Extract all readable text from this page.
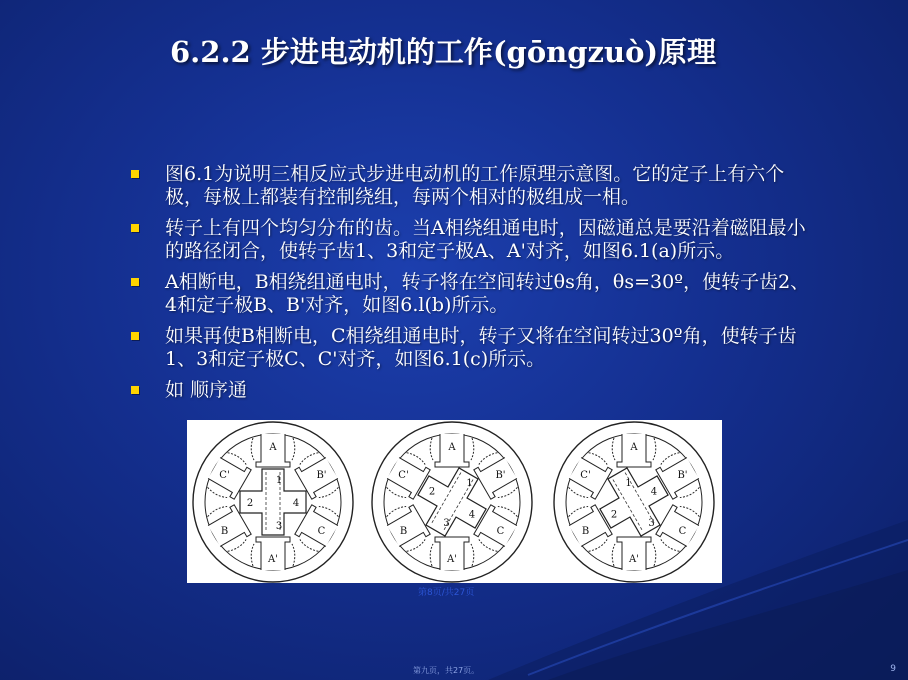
6.2.2 步进电动机的工作(gōngzuò)原理
图6.1为说明三相反应式步进电动机的工作原理示意图。它的定子上有六个极，每极上都装有控制绕组，每两个相对的极组成一相。
转子上有四个均匀分布的齿。当A相绕组通电时，因磁通总是要沿着磁阻最小的路径闭合，使转子齿1、3和定子极A、A'对齐，如图6.1(a)所示。
A相断电，B相绕组通电时，转子将在空间转过θs角，θs=30º，使转子齿2、4和定子极B、B'对齐，如图6.l(b)所示。
如果再使B相断电，C相绕组通电时，转子又将在空间转过30º角，使转子齿1、3和定子极C、C'对齐，如图6.1(c)所示。
如 顺序通
A
B'
C
A'
B
C'	1
4
3
2
A
B'
C
A'
B
C'
1
4
3
2
A
B'
C
A'
B
C'
1
4
3
2
第8页/共27页
第九页，共27页。	9
